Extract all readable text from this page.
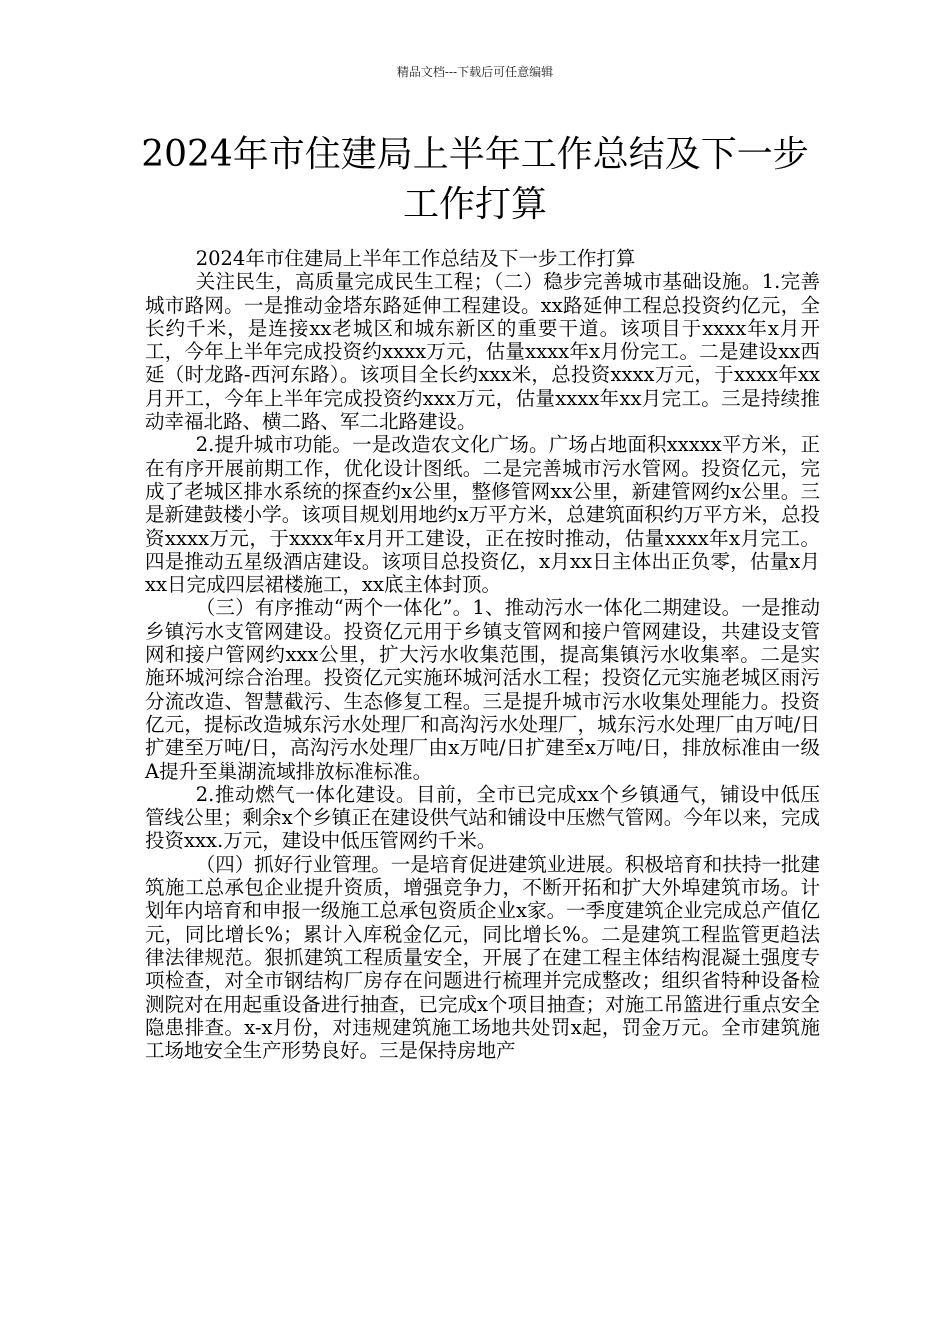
精品文档---下载后可任意编辑
2024年市住建局上半年工作总结及下一步
工作打算

2024年市住建局上半年工作总结及下一步工作打算

关注民生，高质量完成民生工程；（二）稳步完善城市基础设施。1.完善城市路网。一是推动金塔东路延伸工程建设。xx路延伸工程总投资约亿元，全长约千米，是连接xx老城区和城东新区的重要干道。该项目于xxxx年x月开工，今年上半年完成投资约xxxx万元，估量xxxx年x月份完工。二是建设xx西延（时龙路-西河东路）。该项目全长约xxx米，总投资xxxx万元，于xxxx年xx月开工，今年上半年完成投资约xxx万元，估量xxxx年xx月完工。三是持续推动幸福北路、横二路、军二北路建设。

2.提升城市功能。一是改造农文化广场。广场占地面积xxxxx平方米，正在有序开展前期工作，优化设计图纸。二是完善城市污水管网。投资亿元，完成了老城区排水系统的探查约x公里，整修管网xx公里，新建管网约x公里。三是新建鼓楼小学。该项目规划用地约x万平方米，总建筑面积约万平方米，总投资xxxx万元，于xxxx年x月开工建设，正在按时推动，估量xxxx年x月完工。四是推动五星级酒店建设。该项目总投资亿，x月xx日主体出正负零，估量x月xx日完成四层裙楼施工，xx底主体封顶。

（三）有序推动“两个一体化”。1、推动污水一体化二期建设。一是推动乡镇污水支管网建设。投资亿元用于乡镇支管网和接户管网建设，共建设支管网和接户管网约xxx公里，扩大污水收集范围，提高集镇污水收集率。二是实施环城河综合治理。投资亿元实施环城河活水工程；投资亿元实施老城区雨污分流改造、智慧截污、生态修复工程。三是提升城市污水收集处理能力。投资亿元，提标改造城东污水处理厂和高沟污水处理厂，城东污水处理厂由万吨/日扩建至万吨/日，高沟污水处理厂由x万吨/日扩建至x万吨/日，排放标准由一级A提升至巢湖流域排放标准标准。

2.推动燃气一体化建设。目前，全市已完成xx个乡镇通气，铺设中低压管线公里；剩余x个乡镇正在建设供气站和铺设中压燃气管网。今年以来，完成投资xxx.万元，建设中低压管网约千米。

（四）抓好行业管理。一是培育促进建筑业进展。积极培育和扶持一批建筑施工总承包企业提升资质，增强竞争力，不断开拓和扩大外埠建筑市场。计划年内培育和申报一级施工总承包资质企业x家。一季度建筑企业完成总产值亿元，同比增长%；累计入库税金亿元，同比增长%。二是建筑工程监管更趋法律法律规范。狠抓建筑工程质量安全，开展了在建工程主体结构混凝土强度专项检查，对全市钢结构厂房存在问题进行梳理并完成整改；组织省特种设备检测院对在用起重设备进行抽查，已完成x个项目抽查；对施工吊篮进行重点安全隐患排查。x-x月份，对违规建筑施工场地共处罚x起，罚金万元。全市建筑施工场地安全生产形势良好。三是保持房地产
